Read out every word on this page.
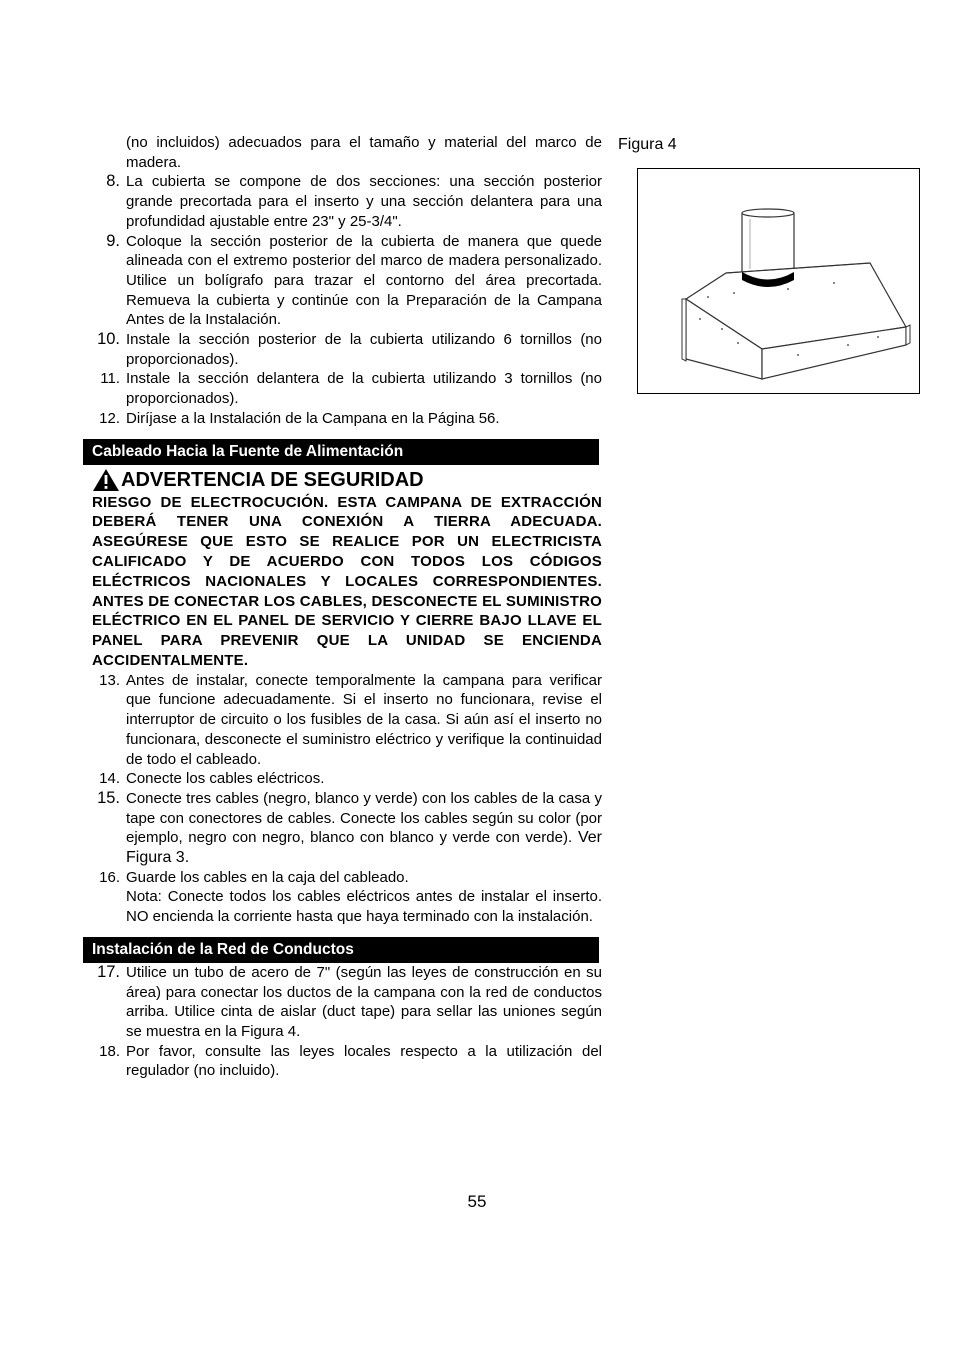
(no incluidos) adecuados para el tamaño y material del marco de madera.
8. La cubierta se compone de dos secciones: una sección posterior grande precortada para el inserto y una sección delantera para una profundidad ajustable entre 23" y 25-3/4".
9. Coloque la sección posterior de la cubierta de manera que quede alineada con el extremo posterior del marco de madera personalizado. Utilice un bolígrafo para trazar el contorno del área precortada. Remueva la cubierta y continúe con la Preparación de la Campana Antes de la Instalación.
10. Instale la sección posterior de la cubierta utilizando 6 tornillos (no proporcionados).
11. Instale la sección delantera de la cubierta utilizando 3 tornillos (no proporcionados).
12. Diríjase a la Instalación de la Campana en la Página 56.
Cableado Hacia la Fuente de Alimentación
ADVERTENCIA DE SEGURIDAD
RIESGO DE ELECTROCUCIÓN. ESTA CAMPANA DE EXTRACCIÓN DEBERÁ TENER UNA CONEXIÓN A TIERRA ADECUADA. ASEGÚRESE QUE ESTO SE REALICE POR UN ELECTRICISTA CALIFICADO Y DE ACUERDO CON TODOS LOS CÓDIGOS ELÉCTRICOS NACIONALES Y LOCALES CORRESPONDIENTES. ANTES DE CONECTAR LOS CABLES, DESCONECTE EL SUMINISTRO ELÉCTRICO EN EL PANEL DE SERVICIO Y CIERRE BAJO LLAVE EL PANEL PARA PREVENIR QUE LA UNIDAD SE ENCIENDA
ACCIDENTALMENTE.
13. Antes de instalar, conecte temporalmente la campana para verificar que funcione adecuadamente. Si el inserto no funcionara, revise el interruptor de circuito o los fusibles de la casa. Si aún así el inserto no funcionara, desconecte el suministro eléctrico y verifique la continuidad de todo el cableado.
14. Conecte los cables eléctricos.
15. Conecte tres cables (negro, blanco y verde) con los cables de la casa y tape con conectores de cables. Conecte los cables según su color (por ejemplo, negro con negro, blanco con blanco y verde con verde). Ver Figura 3.
16. Guarde los cables en la caja del cableado.
Nota: Conecte todos los cables eléctricos antes de instalar el inserto. NO encienda la corriente hasta que haya terminado con la instalación.
Instalación de la Red de Conductos
17. Utilice un tubo de acero de 7" (según las leyes de construcción en su área) para conectar los ductos de la campana con la red de conductos arriba. Utilice cinta de aislar (duct tape) para sellar las uniones según se muestra en la Figura 4.
18. Por favor, consulte las leyes locales respecto a la utilización del regulador (no incluido).
Figura 4
55
